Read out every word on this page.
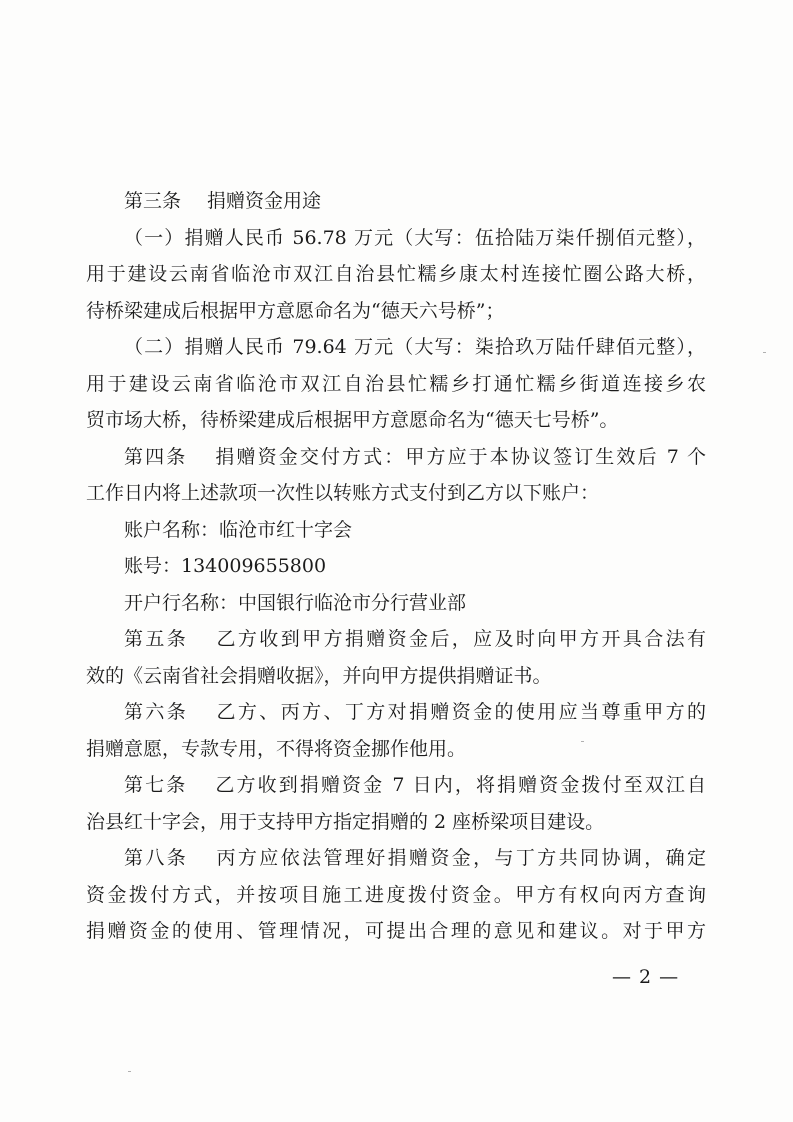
第三条 捐赠资金用途
（一）捐赠人民币 56.78 万元（大写：伍拾陆万柒仟捌佰元整），
用于建设云南省临沧市双江自治县忙糯乡康太村连接忙圈公路大桥，
待桥梁建成后根据甲方意愿命名为“德天六号桥”；
（二）捐赠人民币 79.64 万元（大写：柒拾玖万陆仟肆佰元整），
用于建设云南省临沧市双江自治县忙糯乡打通忙糯乡街道连接乡农
贸市场大桥，待桥梁建成后根据甲方意愿命名为“德天七号桥”。
第四条 捐赠资金交付方式：甲方应于本协议签订生效后 7 个
工作日内将上述款项一次性以转账方式支付到乙方以下账户：
账户名称：临沧市红十字会
账号：134009655800
开户行名称：中国银行临沧市分行营业部
第五条 乙方收到甲方捐赠资金后，应及时向甲方开具合法有
效的《云南省社会捐赠收据》，并向甲方提供捐赠证书。
第六条 乙方、丙方、丁方对捐赠资金的使用应当尊重甲方的
捐赠意愿，专款专用，不得将资金挪作他用。
第七条 乙方收到捐赠资金 7 日内，将捐赠资金拨付至双江自
治县红十字会，用于支持甲方指定捐赠的 2 座桥梁项目建设。
第八条 丙方应依法管理好捐赠资金，与丁方共同协调，确定
资金拨付方式，并按项目施工进度拨付资金。甲方有权向丙方查询
捐赠资金的使用、管理情况，可提出合理的意见和建议。对于甲方
— 2 —
